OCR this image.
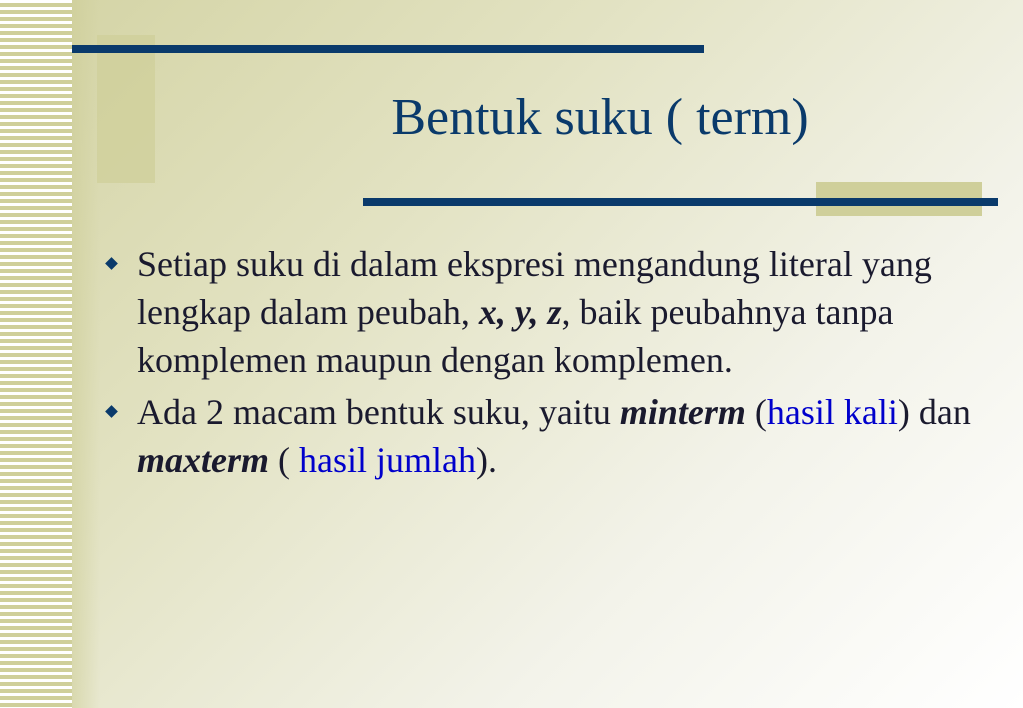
Bentuk suku ( term)
Setiap suku di dalam ekspresi mengandung literal yang lengkap dalam peubah, x, y, z, baik peubahnya tanpa komplemen maupun dengan komplemen.
Ada 2 macam bentuk suku, yaitu minterm (hasil kali) dan maxterm ( hasil jumlah).
